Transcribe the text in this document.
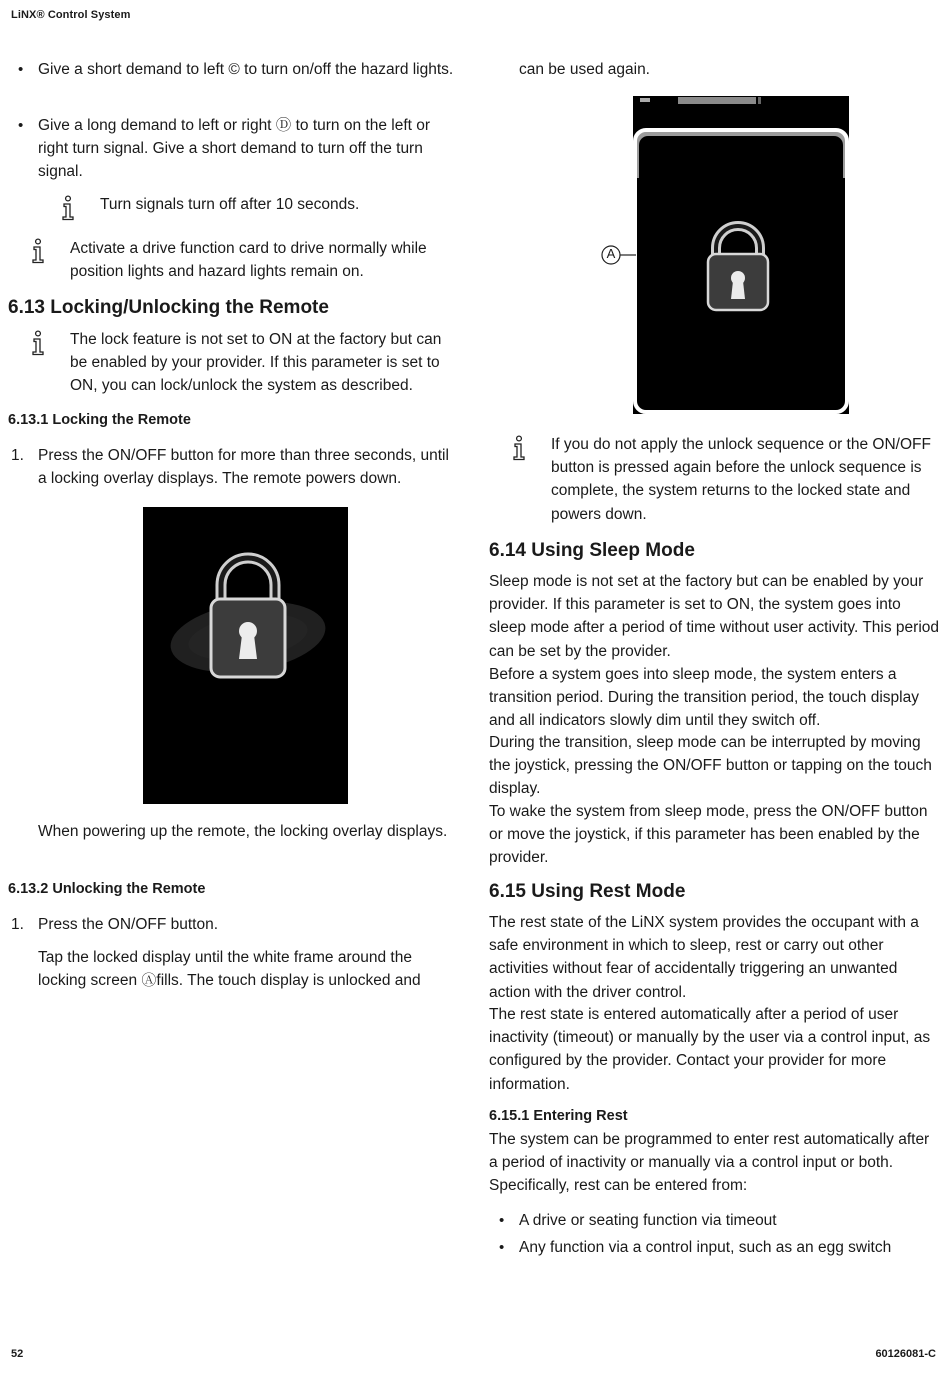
LiNX® Control System
• Give a short demand to left © to turn on/off the hazard lights.
• Give a long demand to left or right Ⓓ to turn on the left or right turn signal. Give a short demand to turn off the turn signal.

Turn signals turn off after 10 seconds.

Activate a drive function card to drive normally while position lights and hazard lights remain on.

6.13 Locking/Unlocking the Remote

The lock feature is not set to ON at the factory but can be enabled by your provider. If this parameter is set to ON, you can lock/unlock the system as described.

6.13.1 Locking the Remote
1. Press the ON/OFF button for more than three seconds, until a locking overlay displays. The remote powers down.

When powering up the remote, the locking overlay displays.

6.13.2 Unlocking the Remote
1. Press the ON/OFF button.

Tap the locked display until the white frame around the locking screen Ⓐfills. The touch display is unlocked and

can be used again.

A

If you do not apply the unlock sequence or the ON/OFF button is pressed again before the unlock sequence is complete, the system returns to the locked state and powers down.

6.14 Using Sleep Mode

Sleep mode is not set at the factory but can be enabled by your provider. If this parameter is set to ON, the system goes into sleep mode after a period of time without user activity. This period can be set by the provider.

Before a system goes into sleep mode, the system enters a transition period. During the transition period, the touch display and all indicators slowly dim until they switch off.

During the transition, sleep mode can be interrupted by moving the joystick, pressing the ON/OFF button or tapping on the touch display.

To wake the system from sleep mode, press the ON/OFF button or move the joystick, if this parameter has been enabled by the provider.

6.15 Using Rest Mode

The rest state of the LiNX system provides the occupant with a safe environment in which to sleep, rest or carry out other activities without fear of accidentally triggering an unwanted action with the driver control.

The rest state is entered automatically after a period of user inactivity (timeout) or manually by the user via a control input, as configured by the provider. Contact your provider for more information.

6.15.1 Entering Rest

The system can be programmed to enter rest automatically after a period of inactivity or manually via a control input or both. Specifically, rest can be entered from:

• A drive or seating function via timeout
• Any function via a control input, such as an egg switch
52	60126081-C
